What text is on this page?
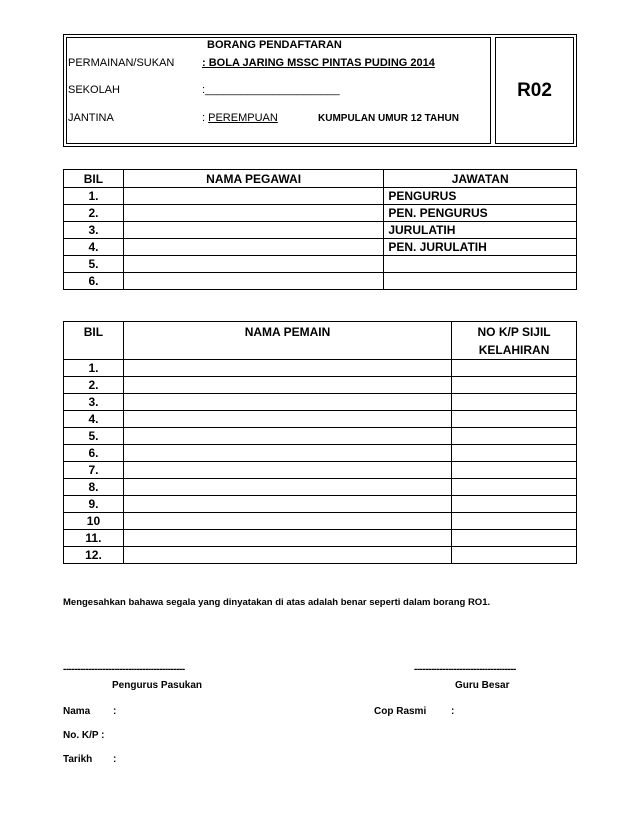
BORANG PENDAFTARAN
PERMAINAN/SUKAN	: BOLA JARING MSSC PINTAS PUDING 2014
SEKOLAH	:______________________
JANTINA	: PEREMPUAN	KUMPULAN UMUR 12 TAHUN
R02
BIL	NAMA PEGAWAI	JAWATAN
1.		PENGURUS
2.		PEN. PENGURUS
3.		JURULATIH
4.		PEN. JURULATIH
5.		
6.		
BIL	NAMA PEMAIN	NO K/P SIJIL
KELAHIRAN
1.		
2.		
3.		
4.		
5.		
6.		
7.		
8.		
9.		
10		
11.		
12.		
Mengesahkan bahawa segala yang dinyatakan di atas adalah benar seperti dalam borang RO1.
-------------------------------------------	------------------------------------
Pengurus Pasukan	Guru Besar
Nama :	Cop Rasmi :
No. K/P :
Tarikh :
